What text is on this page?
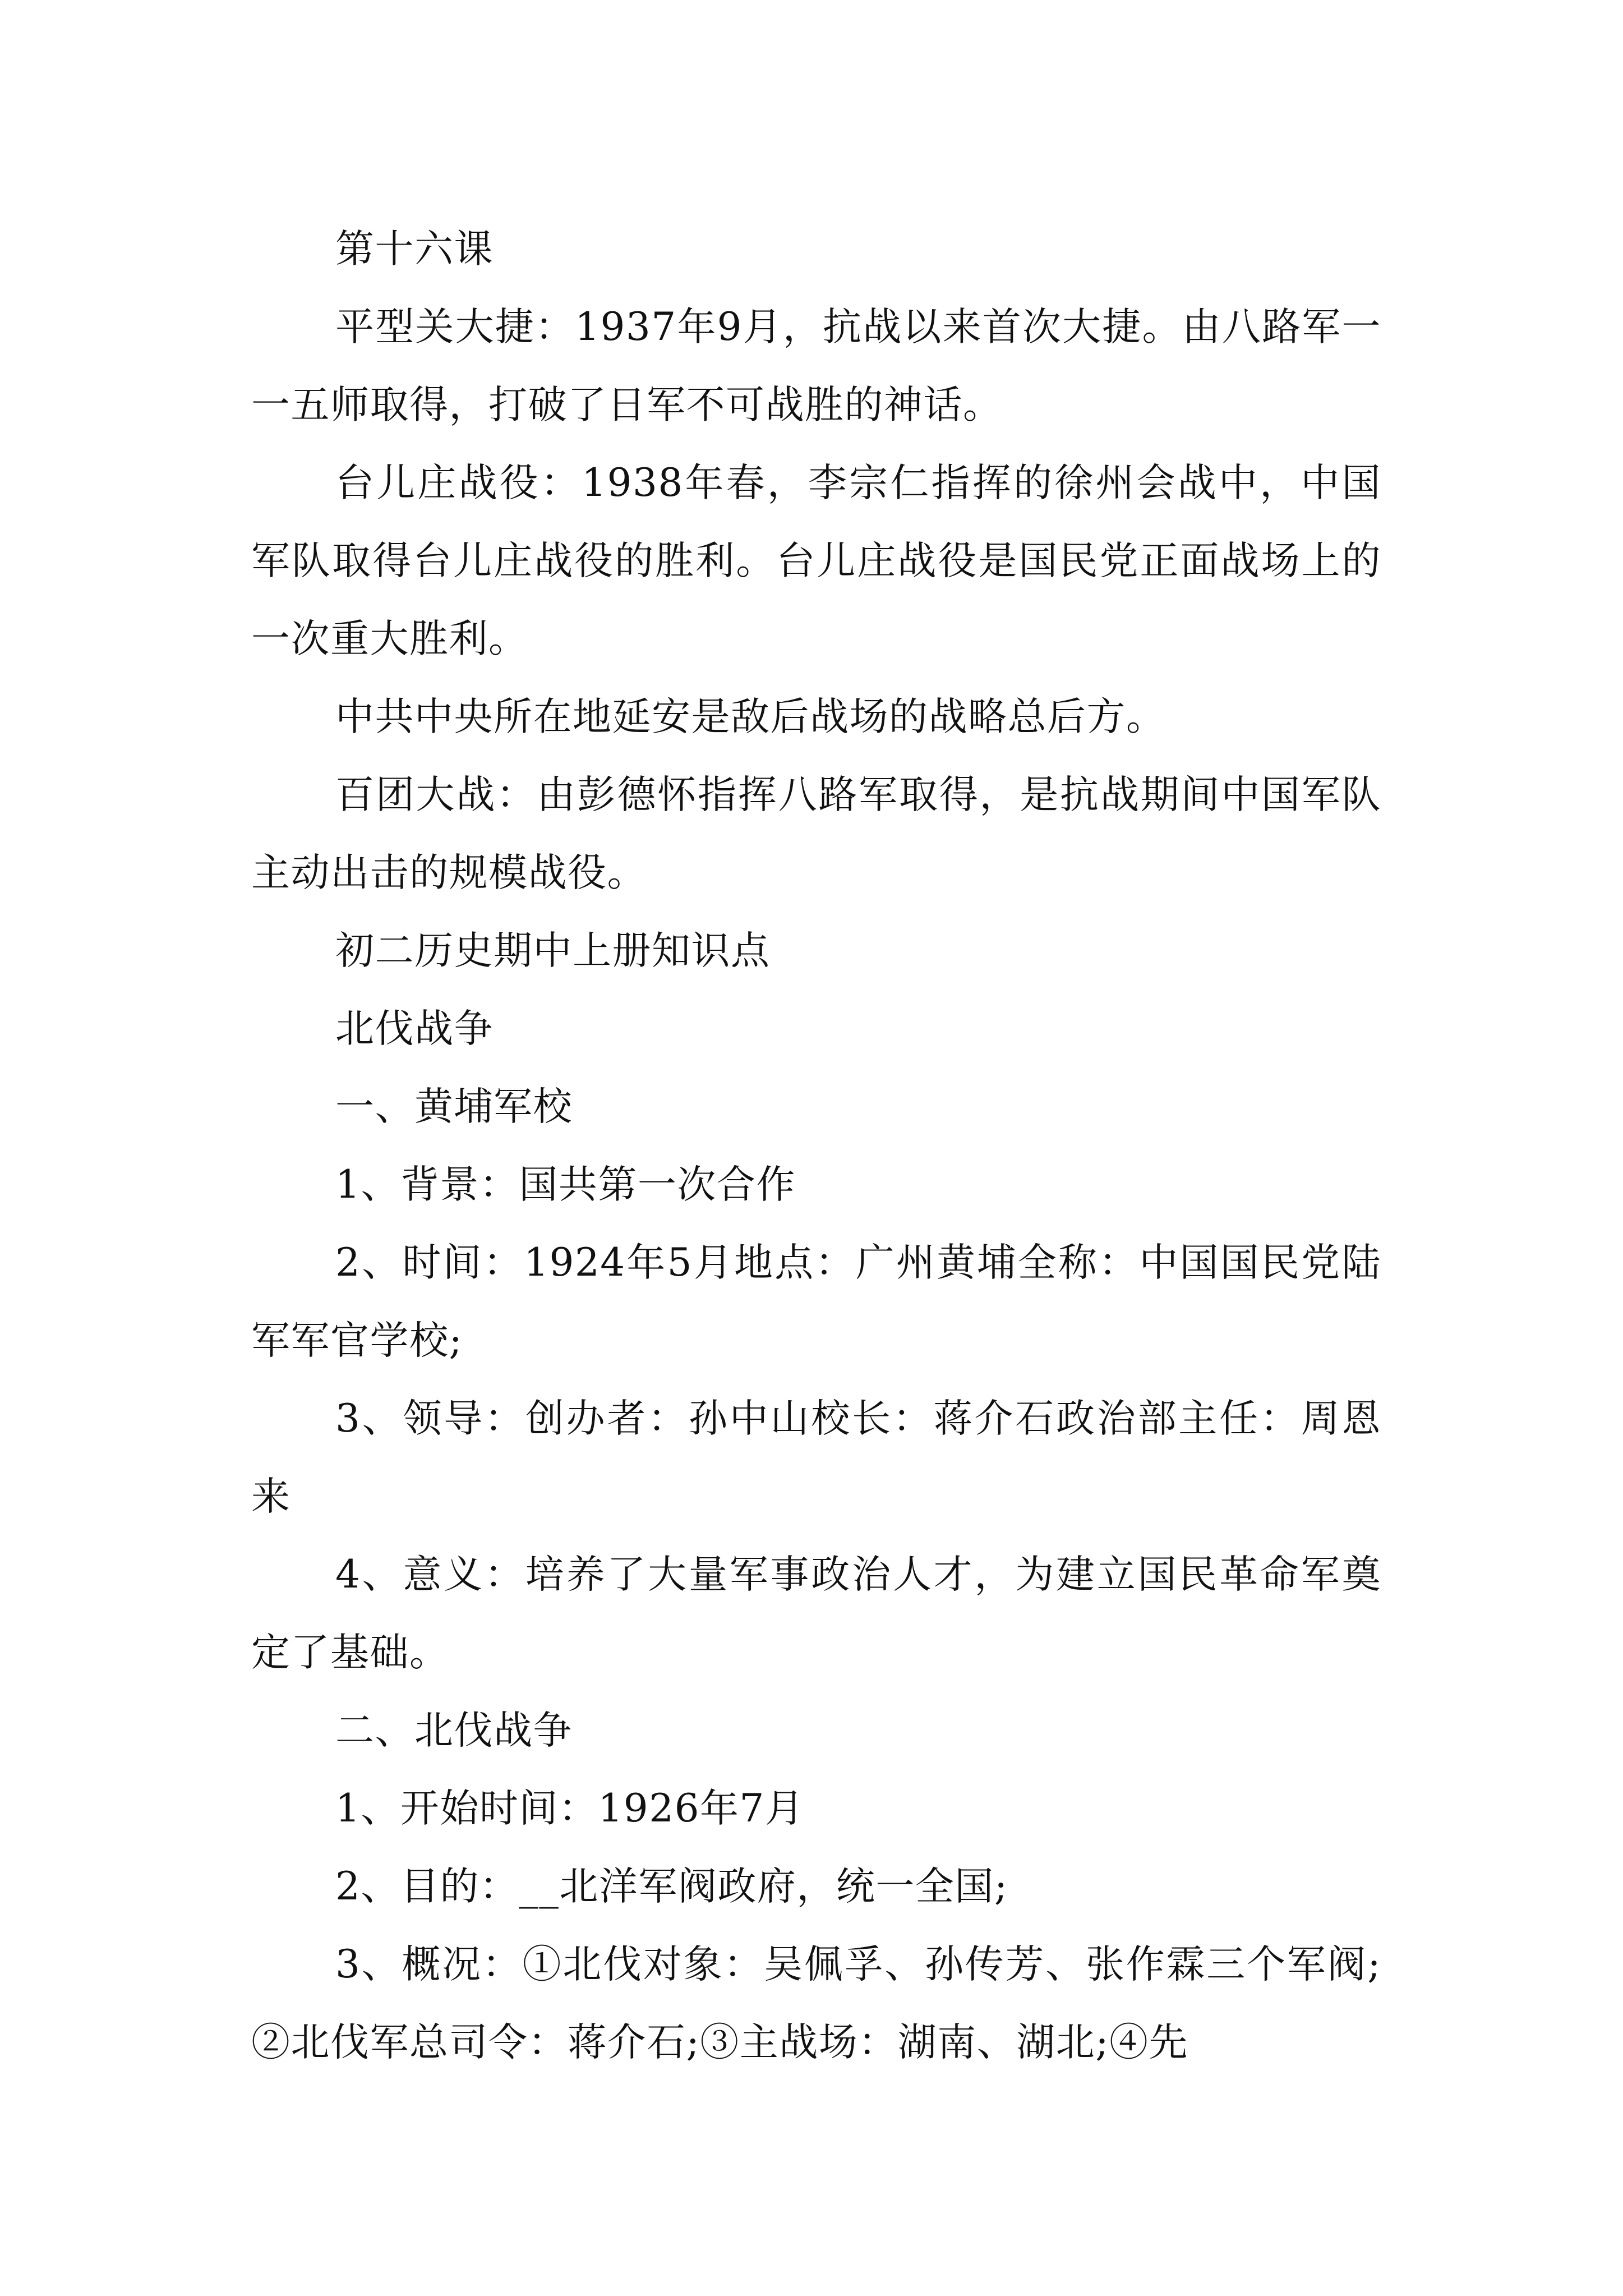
第十六课

平型关大捷：1937年9月，抗战以来首次大捷。由八路军一一五师取得，打破了日军不可战胜的神话。

台儿庄战役：1938年春，李宗仁指挥的徐州会战中，中国军队取得台儿庄战役的胜利。台儿庄战役是国民党正面战场上的一次重大胜利。

中共中央所在地延安是敌后战场的战略总后方。

百团大战：由彭德怀指挥八路军取得，是抗战期间中国军队主动出击的规模战役。

初二历史期中上册知识点

北伐战争

一、黄埔军校

1、背景：国共第一次合作

2、时间：1924年5月地点：广州黄埔全称：中国国民党陆军军官学校;

3、领导：创办者：孙中山校长：蒋介石政治部主任：周恩来

4、意义：培养了大量军事政治人才，为建立国民革命军奠定了基础。

二、北伐战争

1、开始时间：1926年7月

2、目的：__北洋军阀政府，统一全国;

3、概况：①北伐对象：吴佩孚、孙传芳、张作霖三个军阀;②北伐军总司令：蒋介石;③主战场：湖南、湖北;④先
